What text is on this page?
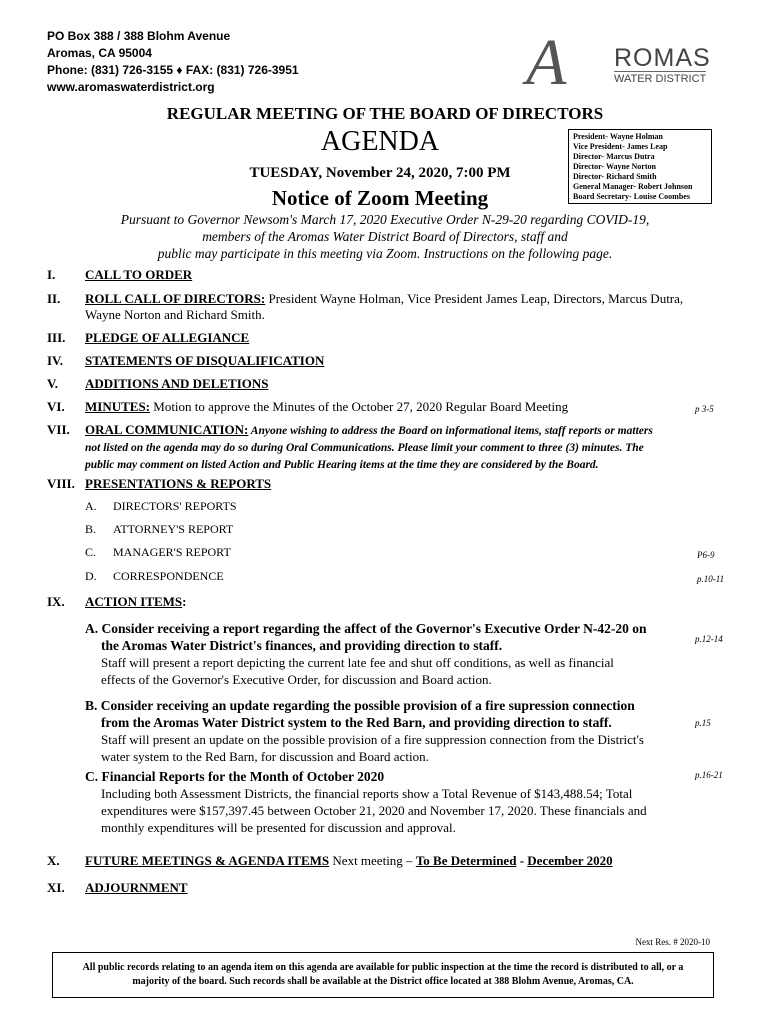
PO Box 388 / 388 Blohm Avenue
Aromas, CA 95004
Phone: (831) 726-3155 ♦ FAX: (831) 726-3951
www.aromaswaterdistrict.org	A ROMAS
WATER DISTRICT
REGULAR MEETING OF THE BOARD OF DIRECTORS
AGENDA
TUESDAY, November 24, 2020, 7:00 PM
Notice of Zoom Meeting
President- Wayne Holman
Vice President- James Leap
Director- Marcus Dutra
Director- Wayne Norton
Director- Richard Smith
General Manager- Robert Johnson
Board Secretary- Louise Coombes
Pursuant to Governor Newsom's March 17, 2020 Executive Order N-29-20 regarding COVID-19,
members of the Aromas Water District Board of Directors, staff and
public may participate in this meeting via Zoom. Instructions on the following page.
I. CALL TO ORDER
II. ROLL CALL OF DIRECTORS: President Wayne Holman, Vice President James Leap, Directors, Marcus Dutra,
Wayne Norton and Richard Smith.
III. PLEDGE OF ALLEGIANCE
IV. STATEMENTS OF DISQUALIFICATION
V. ADDITIONS AND DELETIONS
VI. MINUTES: Motion to approve the Minutes of the October 27, 2020 Regular Board Meeting	p 3-5
VII. ORAL COMMUNICATION: Anyone wishing to address the Board on informational items, staff reports or matters
not listed on the agenda may do so during Oral Communications. Please limit your comment to three (3) minutes. The
public may comment on listed Action and Public Hearing items at the time they are considered by the Board.
VIII. PRESENTATIONS & REPORTS
A. DIRECTORS' REPORTS
B. ATTORNEY'S REPORT
C. MANAGER'S REPORT	P6-9
D. CORRESPONDENCE	p.10-11
IX. ACTION ITEMS:
A. Consider receiving a report regarding the affect of the Governor's Executive Order N-42-20 on
the Aromas Water District's finances, and providing direction to staff.
Staff will present a report depicting the current late fee and shut off conditions, as well as financial
effects of the Governor's Executive Order, for discussion and Board action.
p.12-14
B. Consider receiving an update regarding the possible provision of a fire supression connection
from the Aromas Water District system to the Red Barn, and providing direction to staff.
Staff will present an update on the possible provision of a fire suppression connection from the District's
water system to the Red Barn, for discussion and Board action.
p.15
C. Financial Reports for the Month of October 2020
Including both Assessment Districts, the financial reports show a Total Revenue of $143,488.54; Total
expenditures were $157,397.45 between October 21, 2020 and November 17, 2020. These financials and
monthly expenditures will be presented for discussion and approval.
p.16-21
X. FUTURE MEETINGS & AGENDA ITEMS Next meeting – To Be Determined - December 2020
XI. ADJOURNMENT
Next Res. # 2020-10
All public records relating to an agenda item on this agenda are available for public inspection at the time the record is distributed to all, or a majority of the board. Such records shall be available at the District office located at 388 Blohm Avenue, Aromas, CA.
